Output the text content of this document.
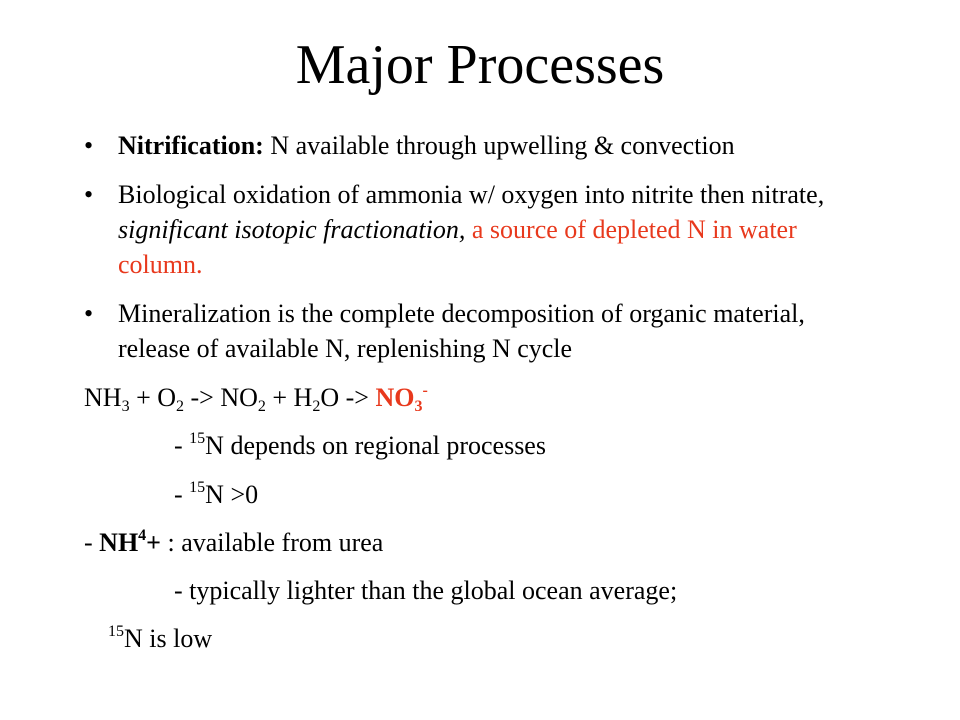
Major Processes
• Nitrification: N available through upwelling & convection
• Biological oxidation of ammonia w/ oxygen into nitrite then nitrate, significant isotopic fractionation, a source of depleted N in water column.
• Mineralization is the complete decomposition of organic material, release of available N, replenishing N cycle
$NH_3 + O_2 -> NO_2 + H_2O -> NO_3^-$
- $^{15}$N depends on regional processes
- $^{15}$N >0
- $NH^4+$ : available from urea
- typically lighter than the global ocean average;
$^{15}$N is low
